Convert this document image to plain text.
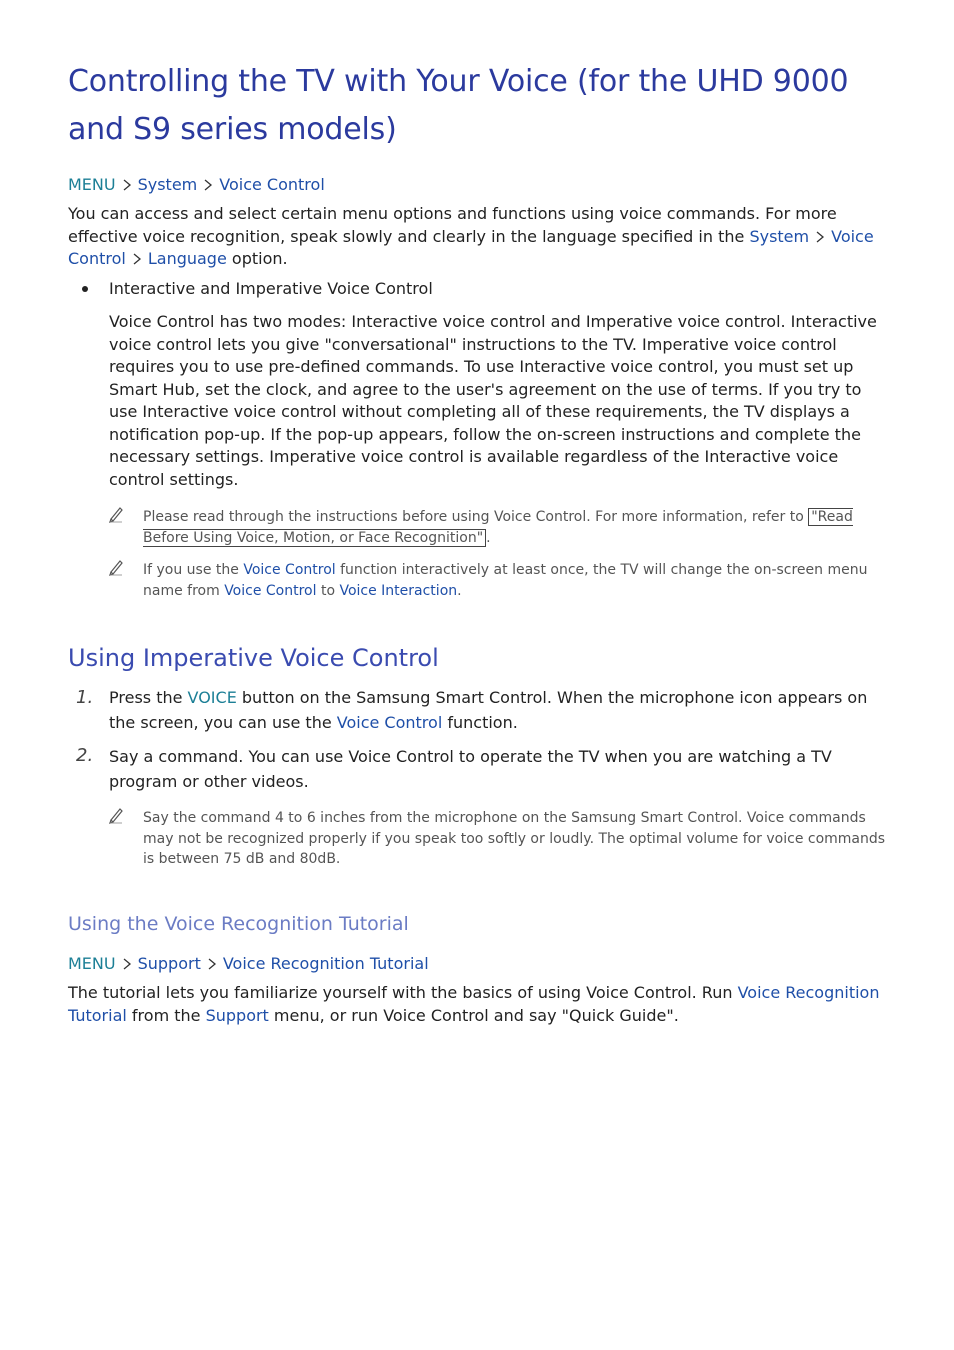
Controlling the TV with Your Voice (for the UHD 9000 and S9 series models)
MENU System Voice Control

You can access and select certain menu options and functions using voice commands. For more effective voice recognition, speak slowly and clearly in the language specified in the System Voice Control Language option.

Interactive and Imperative Voice Control

Voice Control has two modes: Interactive voice control and Imperative voice control. Interactive voice control lets you give "conversational" instructions to the TV. Imperative voice control requires you to use pre-defined commands. To use Interactive voice control, you must set up Smart Hub, set the clock, and agree to the user's agreement on the use of terms. If you try to use Interactive voice control without completing all of these requirements, the TV displays a notification pop-up. If the pop-up appears, follow the on-screen instructions and complete the necessary settings. Imperative voice control is available regardless of the Interactive voice control settings.

Please read through the instructions before using Voice Control. For more information, refer to "Read Before Using Voice, Motion, or Face Recognition" .

If you use the Voice Control function interactively at least once, the TV will change the on-screen menu name from Voice Control to Voice Interaction.

Using Imperative Voice Control
1. Press the VOICE button on the Samsung Smart Control. When the microphone icon appears on the screen, you can use the Voice Control function.

2. Say a command. You can use Voice Control to operate the TV when you are watching a TV program or other videos.

Say the command 4 to 6 inches from the microphone on the Samsung Smart Control. Voice commands may not be recognized properly if you speak too softly or loudly. The optimal volume for voice commands is between 75 dB and 80dB.

Using the Voice Recognition Tutorial
MENU Support Voice Recognition Tutorial

The tutorial lets you familiarize yourself with the basics of using Voice Control. Run Voice Recognition Tutorial from the Support menu, or run Voice Control and say "Quick Guide".
